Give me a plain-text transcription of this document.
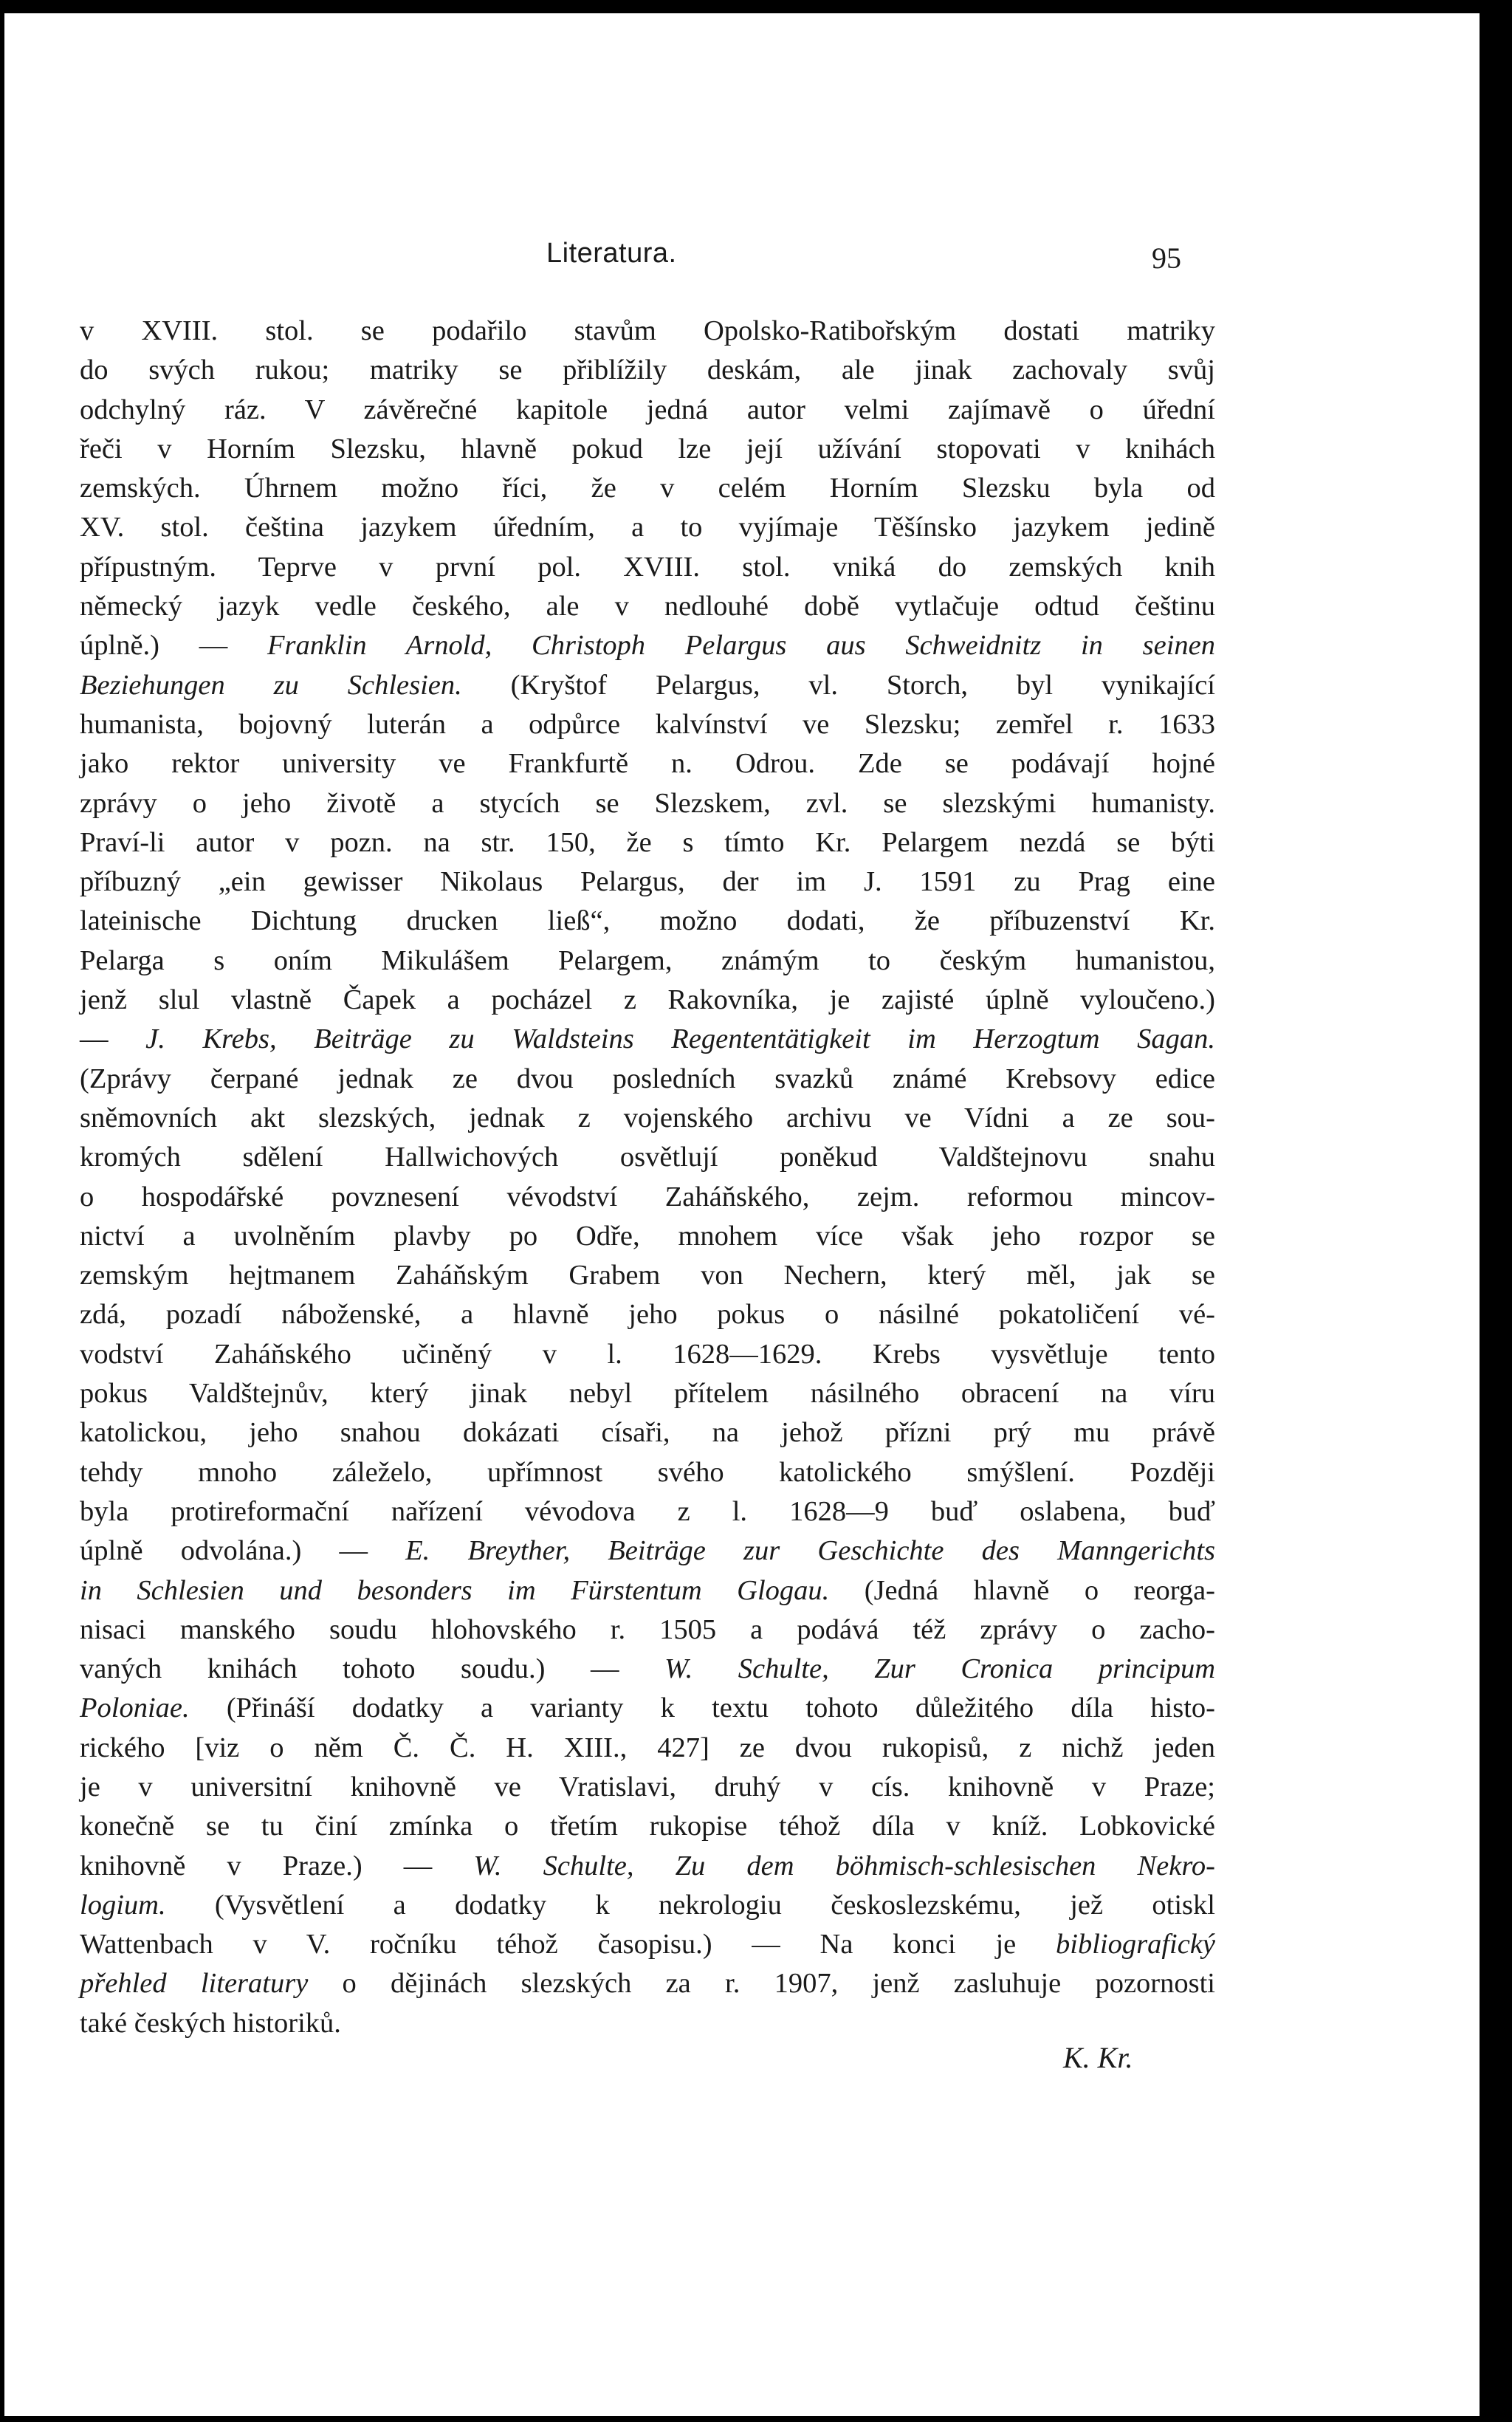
Literatura.	95
v XVIII. stol. se podařilo stavům Opolsko-Ratibořským dostati matriky
do svých rukou; matriky se přiblížily deskám, ale jinak zachovaly svůj
odchylný ráz. V závěrečné kapitole jedná autor velmi zajímavě o úřední
řeči v Horním Slezsku, hlavně pokud lze její užívání stopovati v knihách
zemských. Úhrnem možno říci, že v celém Horním Slezsku byla od
XV. stol. čeština jazykem úředním, a to vyjímaje Těšínsko jazykem jedině
přípustným. Teprve v první pol. XVIII. stol. vniká do zemských knih
německý jazyk vedle českého, ale v nedlouhé době vytlačuje odtud češtinu
úplně.) — Franklin Arnold, Christoph Pelargus aus Schweidnitz in seinen
Beziehungen zu Schlesien. (Kryštof Pelargus, vl. Storch, byl vynikající
humanista, bojovný luterán a odpůrce kalvínství ve Slezsku; zemřel r. 1633
jako rektor university ve Frankfurtě n. Odrou. Zde se podávají hojné
zprávy o jeho životě a stycích se Slezskem, zvl. se slezskými humanisty.
Praví-li autor v pozn. na str. 150, že s tímto Kr. Pelargem nezdá se býti
příbuzný „ein gewisser Nikolaus Pelargus, der im J. 1591 zu Prag eine
lateinische Dichtung drucken ließ“, možno dodati, že příbuzenství Kr.
Pelarga s oním Mikulášem Pelargem, známým to českým humanistou,
jenž slul vlastně Čapek a pocházel z Rakovníka, je zajisté úplně vyloučeno.)
— J. Krebs, Beiträge zu Waldsteins Regententätigkeit im Herzogtum Sagan.
(Zprávy čerpané jednak ze dvou posledních svazků známé Krebsovy edice
sněmovních akt slezských, jednak z vojenského archivu ve Vídni a ze sou-
kromých sdělení Hallwichových osvětlují poněkud Valdštejnovu snahu
o hospodářské povznesení vévodství Zaháňského, zejm. reformou mincov-
nictví a uvolněním plavby po Odře, mnohem více však jeho rozpor se
zemským hejtmanem Zaháňským Grabem von Nechern, který měl, jak se
zdá, pozadí náboženské, a hlavně jeho pokus o násilné pokatoličení vé-
vodství Zaháňského učiněný v l. 1628—1629. Krebs vysvětluje tento
pokus Valdštejnův, který jinak nebyl přítelem násilného obracení na víru
katolickou, jeho snahou dokázati císaři, na jehož přízni prý mu právě
tehdy mnoho záleželo, upřímnost svého katolického smýšlení. Později
byla protireformační nařízení vévodova z l. 1628—9 buď oslabena, buď
úplně odvolána.) — E. Breyther, Beiträge zur Geschichte des Manngerichts
in Schlesien und besonders im Fürstentum Glogau. (Jedná hlavně o reorga-
nisaci manského soudu hlohovského r. 1505 a podává též zprávy o zacho-
vaných knihách tohoto soudu.) — W. Schulte, Zur Cronica principum
Poloniae. (Přináší dodatky a varianty k textu tohoto důležitého díla histo-
rického [viz o něm Č. Č. H. XIII., 427] ze dvou rukopisů, z nichž jeden
je v universitní knihovně ve Vratislavi, druhý v cís. knihovně v Praze;
konečně se tu činí zmínka o třetím rukopise téhož díla v kníž. Lobkovické
knihovně v Praze.) — W. Schulte, Zu dem böhmisch-schlesischen Nekro-
logium. (Vysvětlení a dodatky k nekrologiu českoslezskému, jež otiskl
Wattenbach v V. ročníku téhož časopisu.) — Na konci je bibliografický
přehled literatury o dějinách slezských za r. 1907, jenž zasluhuje pozornosti
také českých historiků.
K. Kr.
